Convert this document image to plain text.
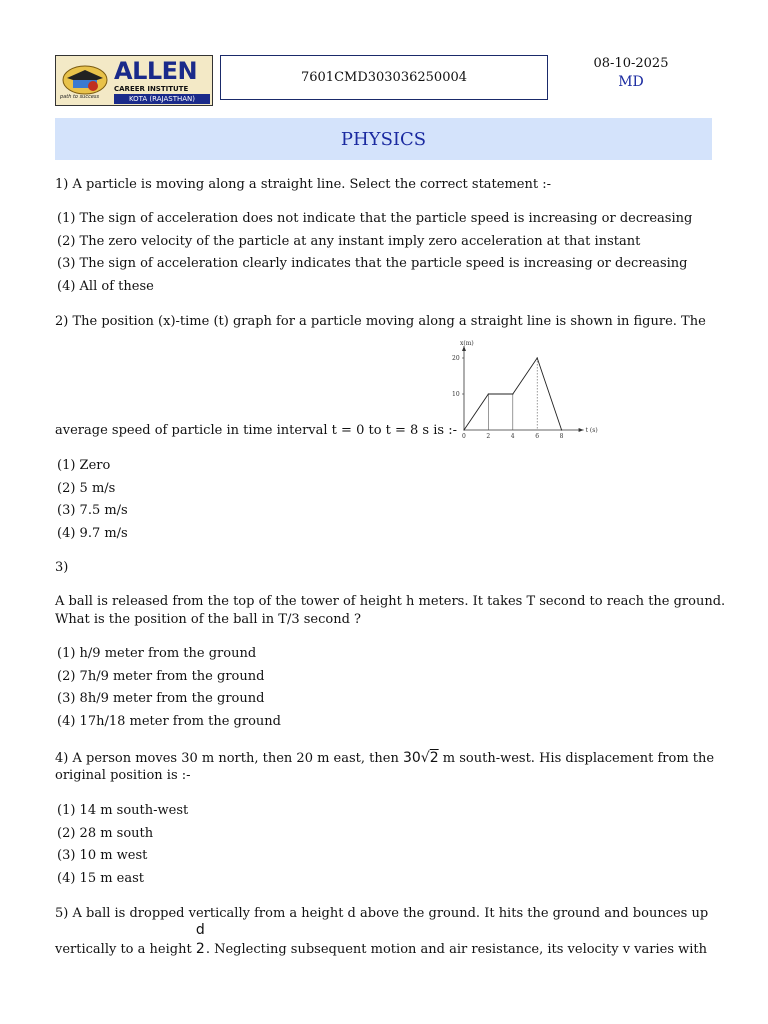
path to success
ALLEN
CAREER INSTITUTE
KOTA (RAJASTHAN)
7601CMD303036250004
08-10-2025
MD
PHYSICS
1) A particle is moving along a straight line. Select the correct statement :-
(1) The sign of acceleration does not indicate that the particle speed is increasing or decreasing
(2) The zero velocity of the particle at any instant imply zero acceleration at that instant
(3) The sign of acceleration clearly indicates that the particle speed is increasing or decreasing
(4) All of these
2) The position (x)-time (t) graph for a particle moving along a straight line is shown in figure. The
average speed of particle in time interval t = 0 to t = 8 s is :-
x(m)
t (s)
0	2	4	6	8
10
20
(1) Zero
(2) 5 m/s
(3) 7.5 m/s
(4) 9.7 m/s
3)
A ball is released from the top of the tower of height h meters. It takes T second to reach the ground.
What is the position of the ball in T/3 second ?
(1) h/9 meter from the ground
(2) 7h/9 meter from the ground
(3) 8h/9 meter from the ground
(4) 17h/18 meter from the ground
4) A person moves 30 m north, then 20 m east, then 30√2 m south-west. His displacement from the
original position is :-
(1) 14 m south-west
(2) 28 m south
(3) 10 m west
(4) 15 m east
5) A ball is dropped vertically from a height d above the ground. It hits the ground and bounces up
vertically to a height
d
2. Neglecting subsequent motion and air resistance, its velocity v varies with
